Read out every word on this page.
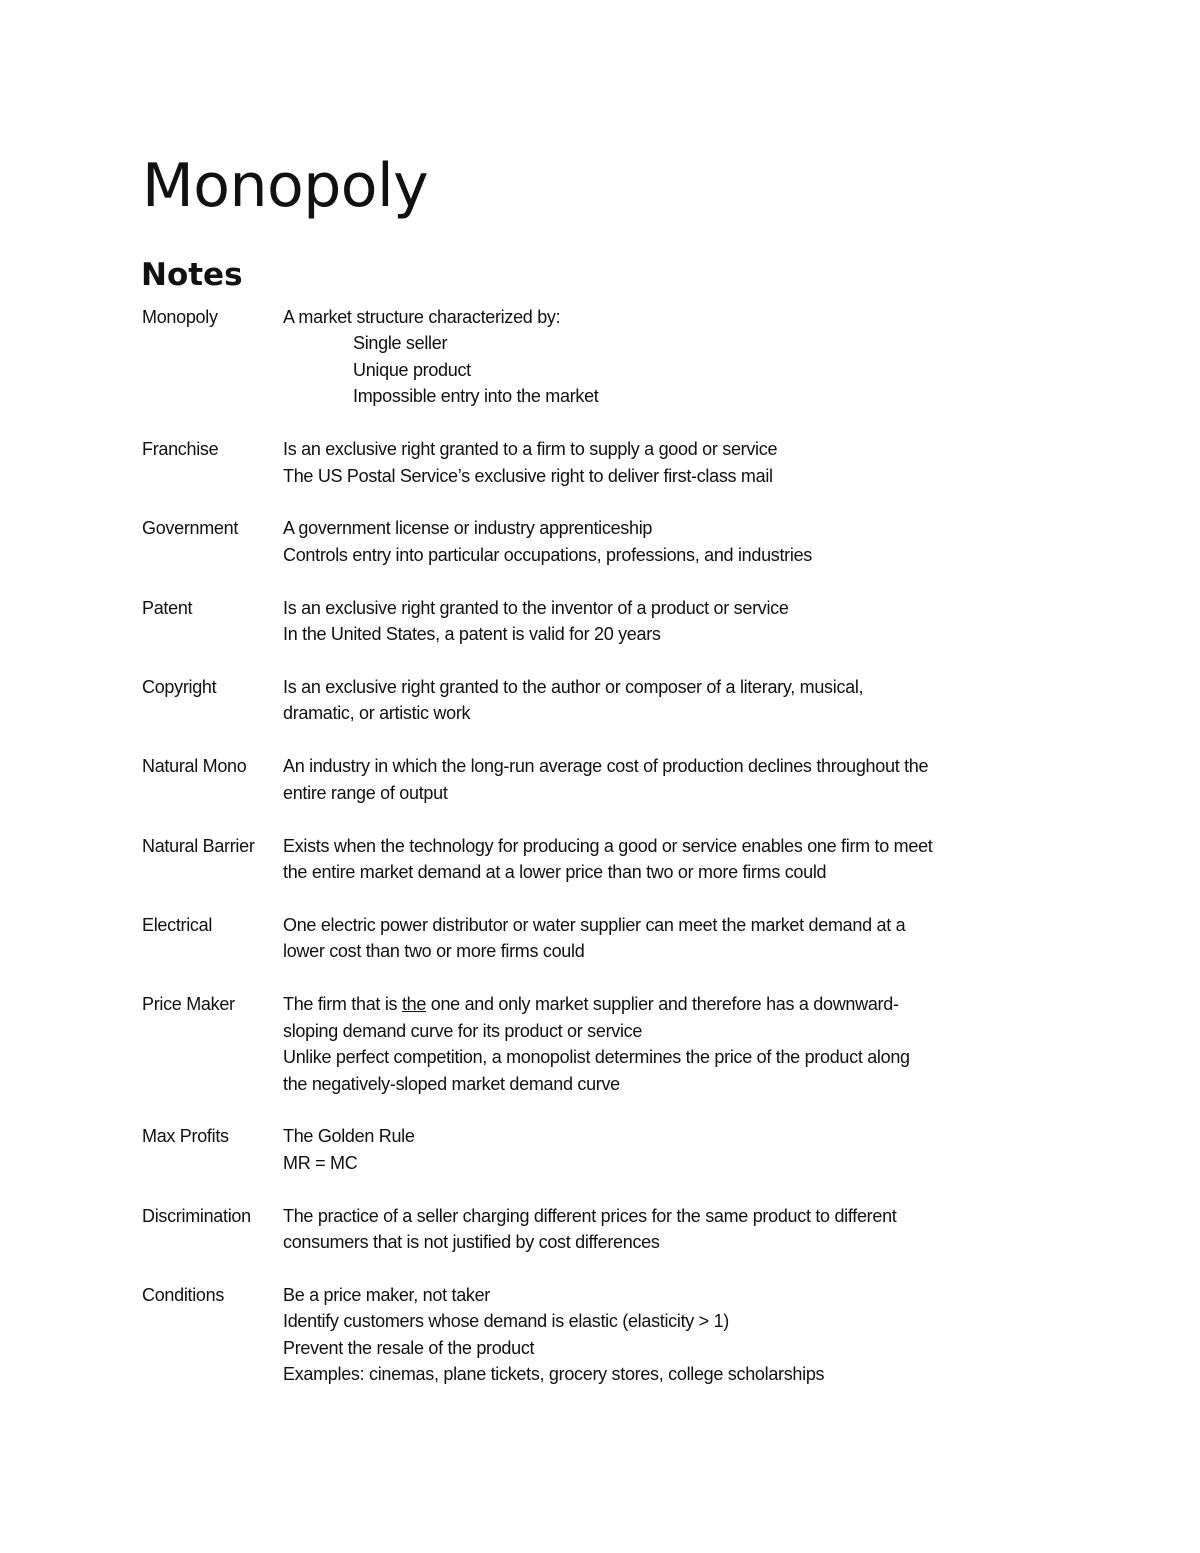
Monopoly
Notes
Monopoly	A market structure characterized by:
Single seller
Unique product
Impossible entry into the market
Franchise	Is an exclusive right granted to a firm to supply a good or service
The US Postal Service’s exclusive right to deliver first-class mail
Government	A government license or industry apprenticeship
Controls entry into particular occupations, professions, and industries
Patent	Is an exclusive right granted to the inventor of a product or service
In the United States, a patent is valid for 20 years
Copyright	Is an exclusive right granted to the author or composer of a literary, musical,
dramatic, or artistic work
Natural Mono	An industry in which the long-run average cost of production declines throughout the
entire range of output
Natural Barrier	Exists when the technology for producing a good or service enables one firm to meet
the entire market demand at a lower price than two or more firms could
Electrical	One electric power distributor or water supplier can meet the market demand at a
lower cost than two or more firms could
Price Maker	The firm that is the one and only market supplier and therefore has a downward-
sloping demand curve for its product or service
Unlike perfect competition, a monopolist determines the price of the product along
the negatively-sloped market demand curve
Max Profits	The Golden Rule
MR = MC
Discrimination	The practice of a seller charging different prices for the same product to different
consumers that is not justified by cost differences
Conditions	Be a price maker, not taker
Identify customers whose demand is elastic (elasticity > 1)
Prevent the resale of the product
Examples: cinemas, plane tickets, grocery stores, college scholarships
